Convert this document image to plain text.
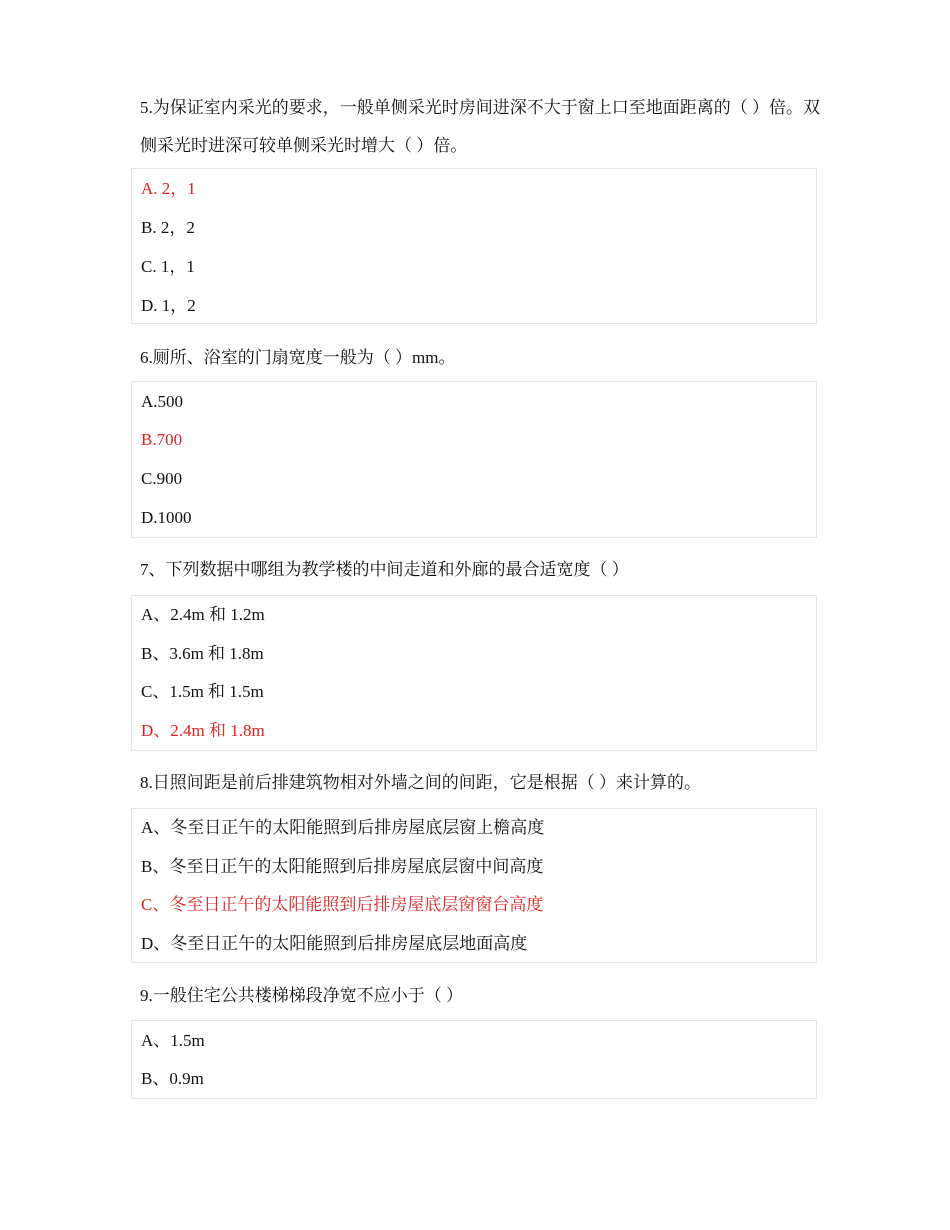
5.为保证室内采光的要求，一般单侧采光时房间进深不大于窗上口至地面距离的（ ）倍。双侧采光时进深可较单侧采光时增大（ ）倍。
A. 2，1
B. 2，2
C. 1，1
D. 1，2
6.厕所、浴室的门扇宽度一般为（ ）mm。
A.500
B.700
C.900
D.1000
7、下列数据中哪组为教学楼的中间走道和外廊的最合适宽度（ ）
A、2.4m 和 1.2m
B、3.6m 和 1.8m
C、1.5m 和 1.5m
D、2.4m 和 1.8m
8.日照间距是前后排建筑物相对外墙之间的间距，它是根据（ ）来计算的。
A、冬至日正午的太阳能照到后排房屋底层窗上檐高度
B、冬至日正午的太阳能照到后排房屋底层窗中间高度
C、冬至日正午的太阳能照到后排房屋底层窗窗台高度
D、冬至日正午的太阳能照到后排房屋底层地面高度
9.一般住宅公共楼梯梯段净宽不应小于（ ）
A、1.5m
B、0.9m
